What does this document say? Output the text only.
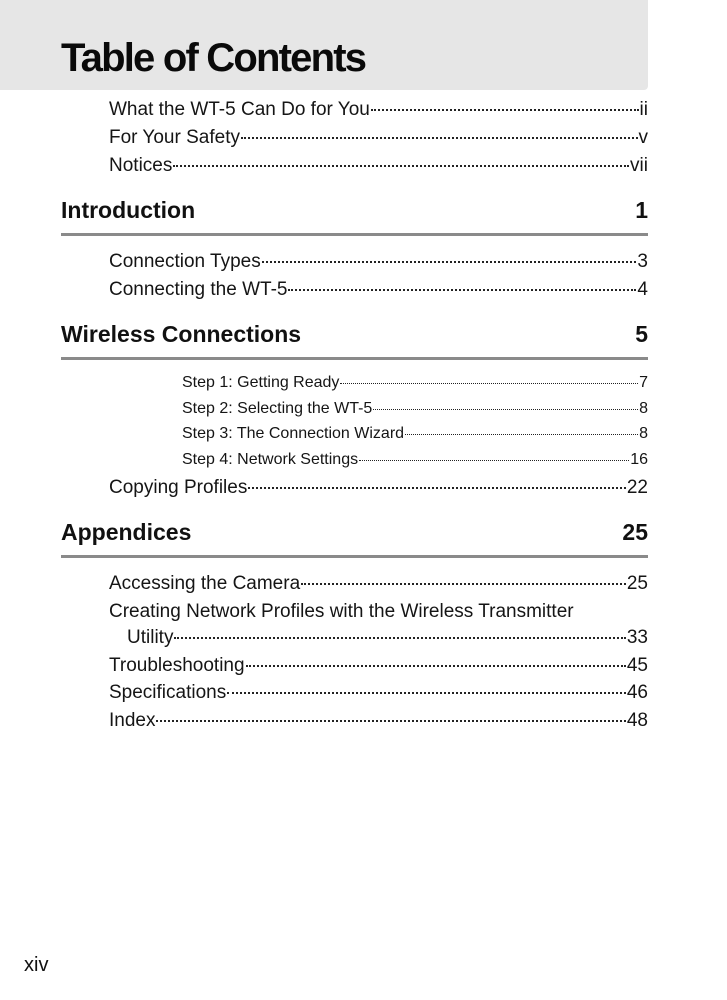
Table of Contents
What the WT-5 Can Do for You	ii
For Your Safety	v
Notices	vii
Introduction	1
Connection Types	3
Connecting the WT-5	4
Wireless Connections	5
Step 1: Getting Ready	7
Step 2: Selecting the WT-5	8
Step 3: The Connection Wizard	8
Step 4: Network Settings	16
Copying Profiles	22
Appendices	25
Accessing the Camera	25
Creating Network Profiles with the Wireless Transmitter
Utility	33
Troubleshooting	45
Specifications	46
Index	48
xiv
